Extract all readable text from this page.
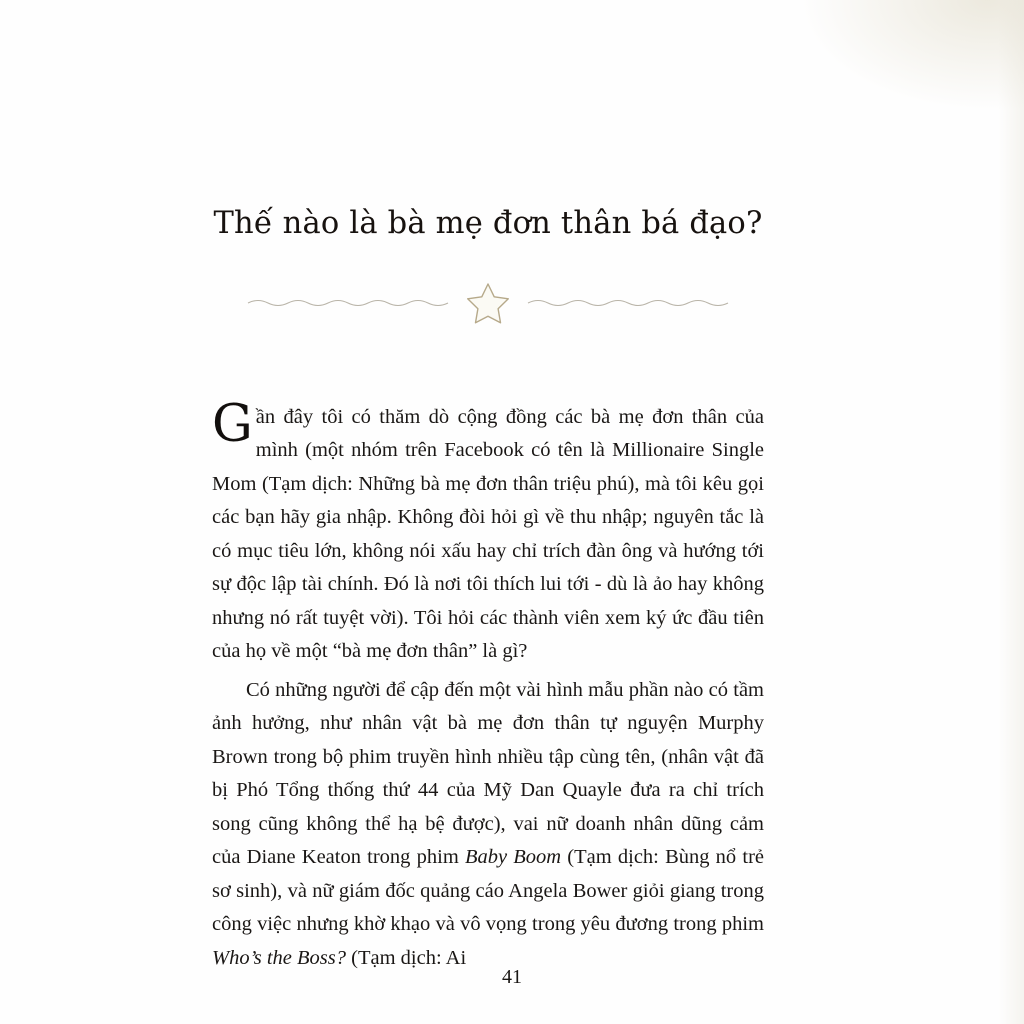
Thế nào là bà mẹ đơn thân bá đạo?

Gần đây tôi có thăm dò cộng đồng các bà mẹ đơn thân của mình (một nhóm trên Facebook có tên là Millionaire Single Mom (Tạm dịch: Những bà mẹ đơn thân triệu phú), mà tôi kêu gọi các bạn hãy gia nhập. Không đòi hỏi gì về thu nhập; nguyên tắc là có mục tiêu lớn, không nói xấu hay chỉ trích đàn ông và hướng tới sự độc lập tài chính. Đó là nơi tôi thích lui tới - dù là ảo hay không nhưng nó rất tuyệt vời). Tôi hỏi các thành viên xem ký ức đầu tiên của họ về một “bà mẹ đơn thân” là gì?

Có những người để cập đến một vài hình mẫu phần nào có tầm ảnh hưởng, như nhân vật bà mẹ đơn thân tự nguyện Murphy Brown trong bộ phim truyền hình nhiều tập cùng tên, (nhân vật đã bị Phó Tổng thống thứ 44 của Mỹ Dan Quayle đưa ra chỉ trích song cũng không thể hạ bệ được), vai nữ doanh nhân dũng cảm của Diane Keaton trong phim Baby Boom (Tạm dịch: Bùng nổ trẻ sơ sinh), và nữ giám đốc quảng cáo Angela Bower giỏi giang trong công việc nhưng khờ khạo và vô vọng trong yêu đương trong phim Who’s the Boss? (Tạm dịch: Ai

41
